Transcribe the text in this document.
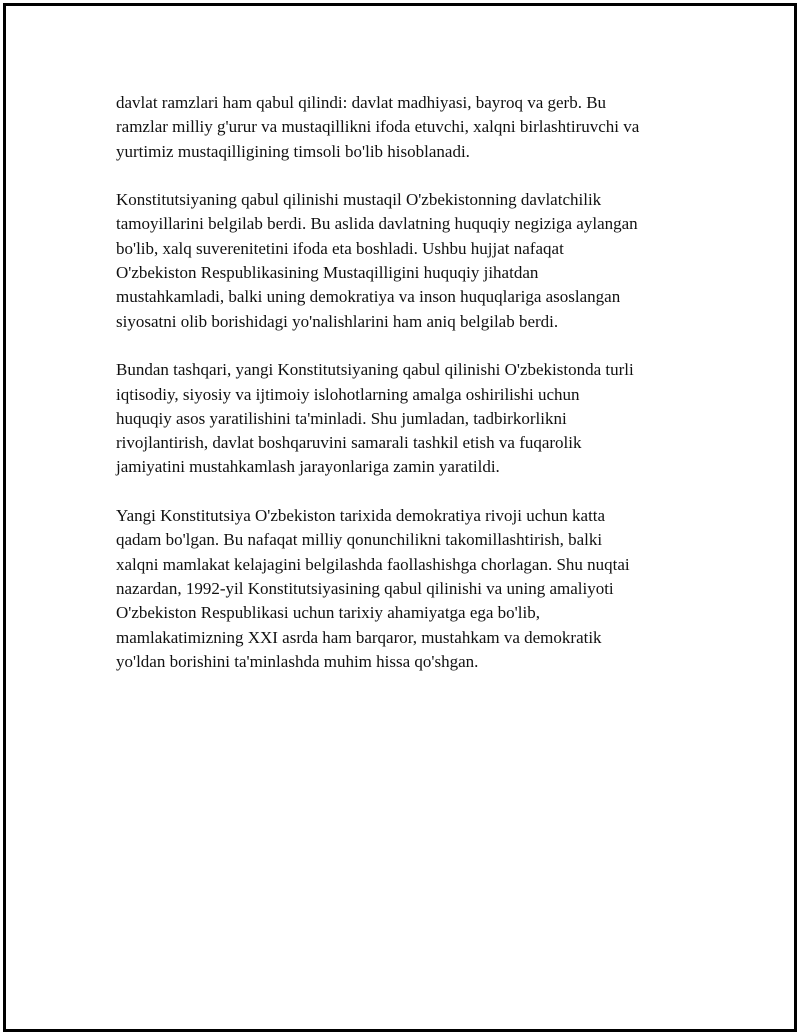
davlat ramzlari ham qabul qilindi: davlat madhiyasi, bayroq va gerb. Bu
ramzlar milliy g'urur va mustaqillikni ifoda etuvchi, xalqni birlashtiruvchi va
yurtimiz mustaqilligining timsoli bo'lib hisoblanadi.

Konstitutsiyaning qabul qilinishi mustaqil O'zbekistonning davlatchilik
tamoyillarini belgilab berdi. Bu aslida davlatning huquqiy negiziga aylangan
bo'lib, xalq suverenitetini ifoda eta boshladi. Ushbu hujjat nafaqat
O'zbekiston Respublikasining Mustaqilligini huquqiy jihatdan
mustahkamladi, balki uning demokratiya va inson huquqlariga asoslangan
siyosatni olib borishidagi yo'nalishlarini ham aniq belgilab berdi.

Bundan tashqari, yangi Konstitutsiyaning qabul qilinishi O'zbekistonda turli
iqtisodiy, siyosiy va ijtimoiy islohotlarning amalga oshirilishi uchun
huquqiy asos yaratilishini ta'minladi. Shu jumladan, tadbirkorlikni
rivojlantirish, davlat boshqaruvini samarali tashkil etish va fuqarolik
jamiyatini mustahkamlash jarayonlariga zamin yaratildi.

Yangi Konstitutsiya O'zbekiston tarixida demokratiya rivoji uchun katta
qadam bo'lgan. Bu nafaqat milliy qonunchilikni takomillashtirish, balki
xalqni mamlakat kelajagini belgilashda faollashishga chorlagan. Shu nuqtai
nazardan, 1992-yil Konstitutsiyasining qabul qilinishi va uning amaliyoti
O'zbekiston Respublikasi uchun tarixiy ahamiyatga ega bo'lib,
mamlakatimizning XXI asrda ham barqaror, mustahkam va demokratik
yo'ldan borishini ta'minlashda muhim hissa qo'shgan.
